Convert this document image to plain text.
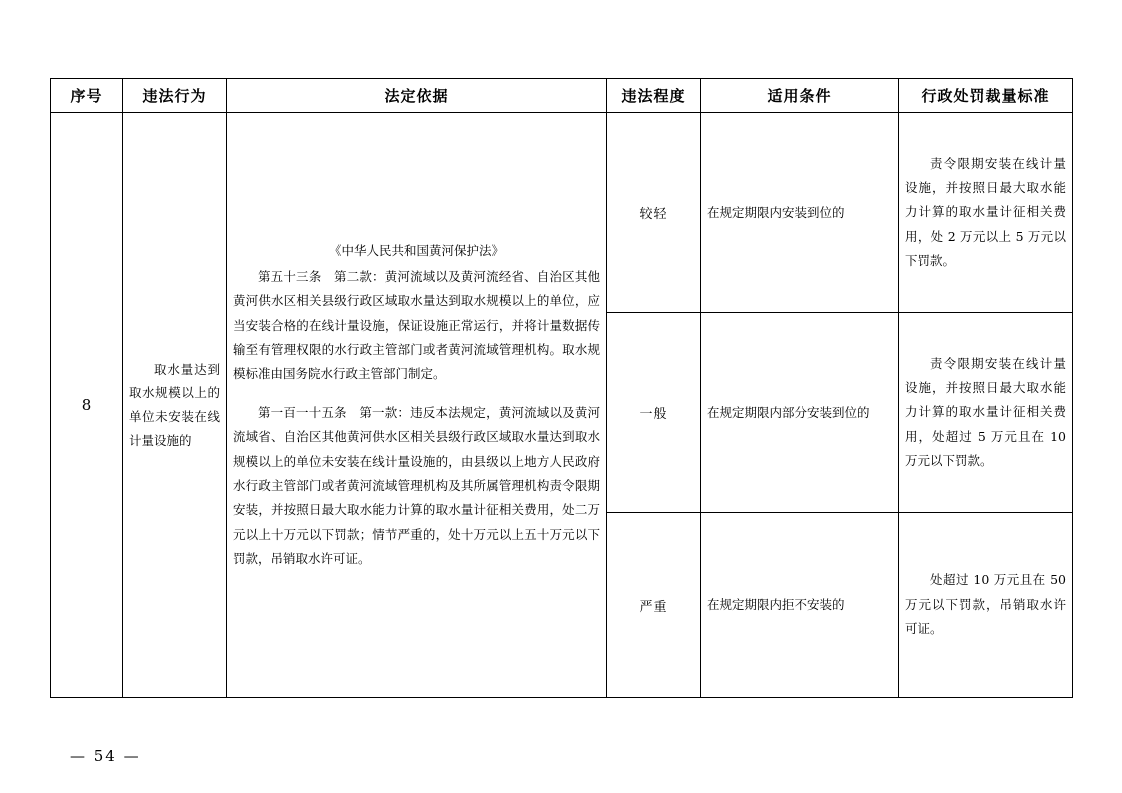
序号	违法行为	法定依据	违法程度	适用条件	行政处罚裁量标准
8	取水量达到取水规模以上的单位未安装在线计量设施的	《中华人民共和国黄河保护法》

第五十三条　第二款：黄河流域以及黄河流经省、自治区其他黄河供水区相关县级行政区域取水量达到取水规模以上的单位，应当安装合格的在线计量设施，保证设施正常运行，并将计量数据传输至有管理权限的水行政主管部门或者黄河流域管理机构。取水规模标准由国务院水行政主管部门制定。

第一百一十五条　第一款：违反本法规定，黄河流域以及黄河流域省、自治区其他黄河供水区相关县级行政区域取水量达到取水规模以上的单位未安装在线计量设施的，由县级以上地方人民政府水行政主管部门或者黄河流域管理机构及其所属管理机构责令限期安装，并按照日最大取水能力计算的取水量计征相关费用，处二万元以上十万元以下罚款；情节严重的，处十万元以上五十万元以下罚款，吊销取水许可证。	较轻	在规定期限内安装到位的	责令限期安装在线计量设施，并按照日最大取水能力计算的取水量计征相关费用，处 2 万元以上 5 万元以下罚款。

			一般	在规定期限内部分安装到位的	责令限期安装在线计量设施，并按照日最大取水能力计算的取水量计征相关费用，处超过 5 万元且在 10 万元以下罚款。

			严重	在规定期限内拒不安装的	处超过 10 万元且在 50 万元以下罚款，吊销取水许可证。
— 54 —
